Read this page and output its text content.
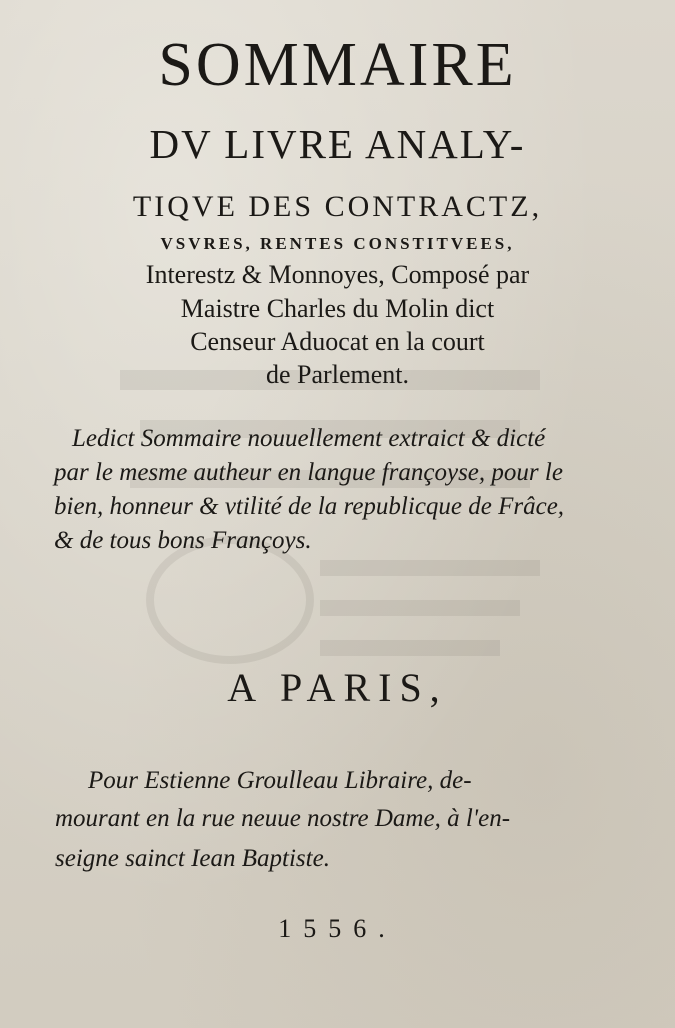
SOMMAIRE
DV LIVRE ANALY-
TIQVE DES CONTRACTZ,
VSVRES, RENTES CONSTITVEES,
Interestz & Monnoyes, Composé par
Maistre Charles du Molin dict
Censeur Aduocat en la court
de Parlement.
Ledict Sommaire nouuellement extraict & dicté
par le mesme autheur en langue françoyse, pour le
bien, honneur & vtilité de la republicque de Frâce,
& de tous bons Françoys.
A PARIS,
Pour Estienne Groulleau Libraire, de-
mourant en la rue neuue nostre Dame, à l'en-
seigne sainct Iean Baptiste.
1556.
